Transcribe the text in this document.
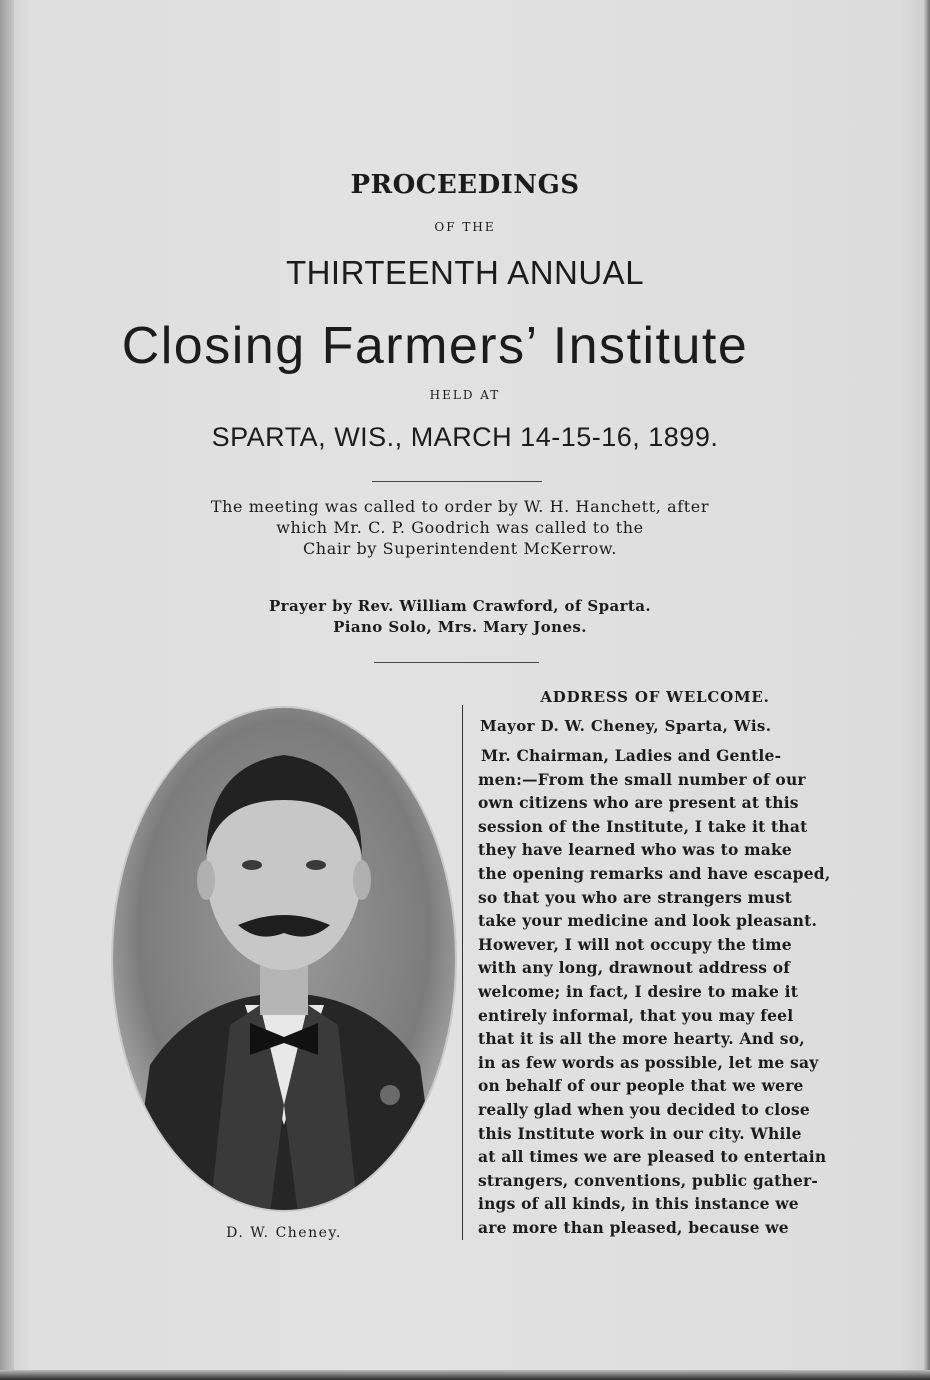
PROCEEDINGS
OF THE
THIRTEENTH ANNUAL
Closing Farmers’ Institute
HELD AT
SPARTA, WIS., MARCH 14-15-16, 1899.
The meeting was called to order by W. H. Hanchett, after
which Mr. C. P. Goodrich was called to the
Chair by Superintendent McKerrow.
Prayer by Rev. William Crawford, of Sparta.
Piano Solo, Mrs. Mary Jones.
D. W. Cheney.
ADDRESS OF WELCOME.
Mayor D. W. Cheney, Sparta, Wis.
Mr. Chairman, Ladies and Gentle-
men:—From the small number of our
own citizens who are present at this
session of the Institute, I take it that
they have learned who was to make
the opening remarks and have escaped,
so that you who are strangers must
take your medicine and look pleasant.
However, I will not occupy the time
with any long, drawnout address of
welcome; in fact, I desire to make it
entirely informal, that you may feel
that it is all the more hearty. And so,
in as few words as possible, let me say
on behalf of our people that we were
really glad when you decided to close
this Institute work in our city. While
at all times we are pleased to entertain
strangers, conventions, public gather-
ings of all kinds, in this instance we
are more than pleased, because we
